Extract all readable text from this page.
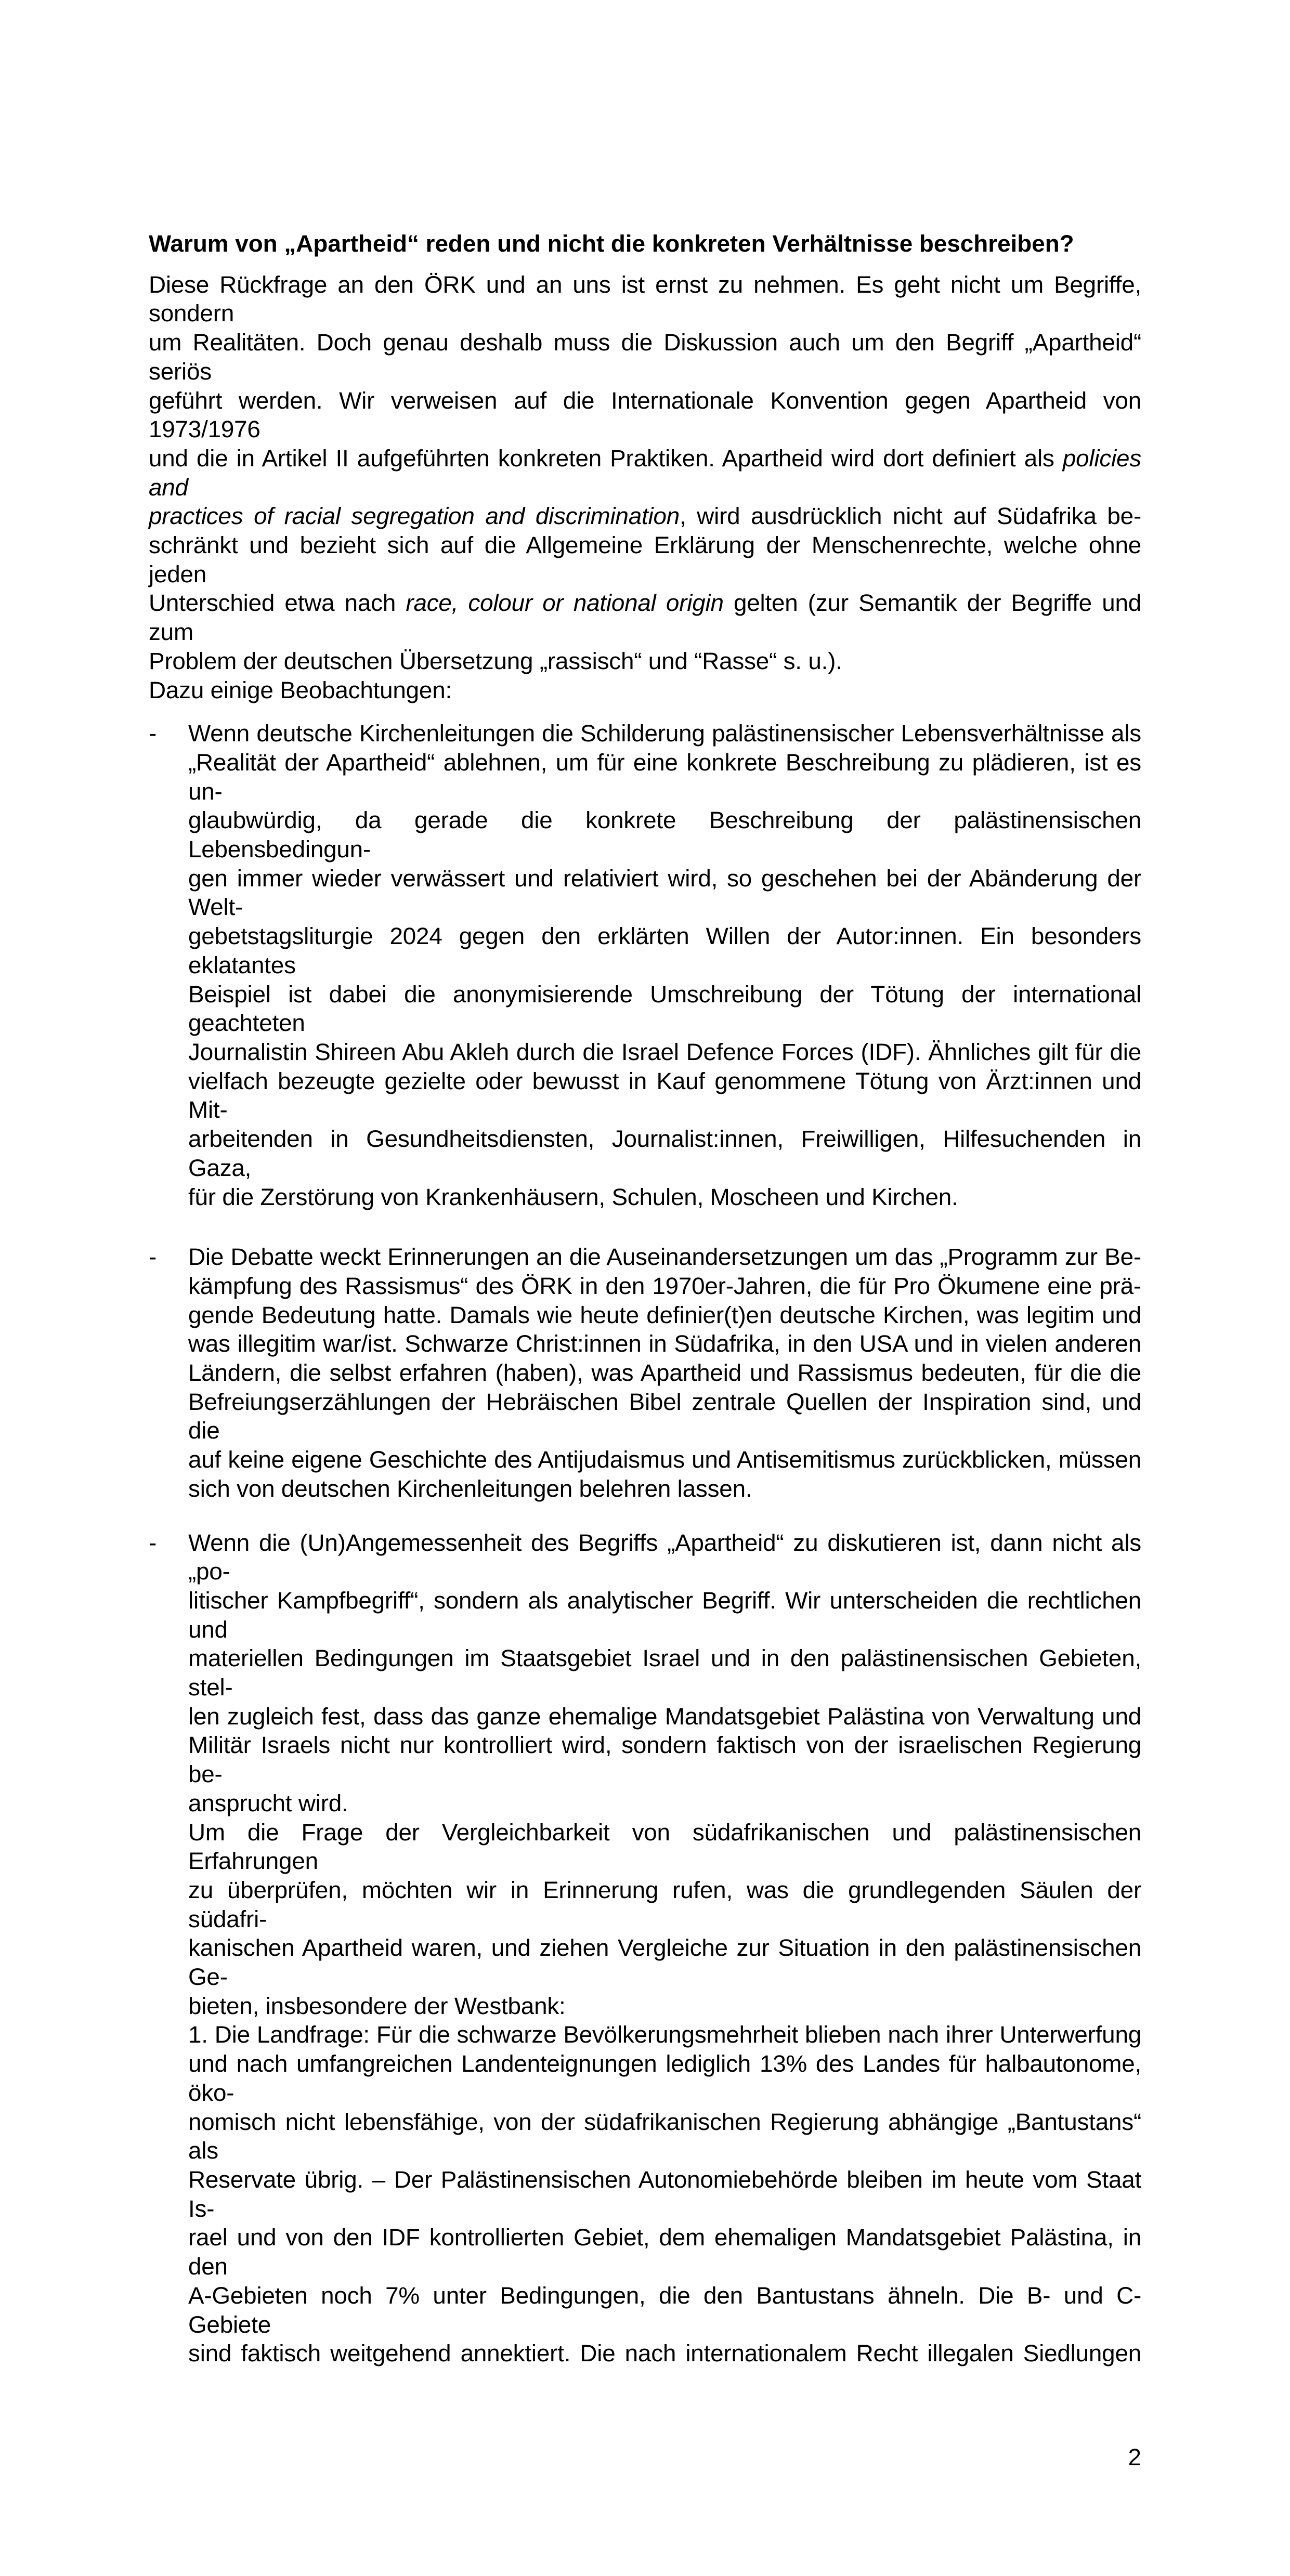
Warum von „Apartheid“ reden und nicht die konkreten Verhältnisse beschreiben?
Diese Rückfrage an den ÖRK und an uns ist ernst zu nehmen. Es geht nicht um Begriffe, sondern
um Realitäten. Doch genau deshalb muss die Diskussion auch um den Begriff „Apartheid“ seriös
geführt werden. Wir verweisen auf die Internationale Konvention gegen Apartheid von 1973/1976
und die in Artikel II aufgeführten konkreten Praktiken. Apartheid wird dort definiert als policies and
practices of racial segregation and discrimination, wird ausdrücklich nicht auf Südafrika be-
schränkt und bezieht sich auf die Allgemeine Erklärung der Menschenrechte, welche ohne jeden
Unterschied etwa nach race, colour or national origin gelten (zur Semantik der Begriffe und zum
Problem der deutschen Übersetzung „rassisch“ und “Rasse“ s. u.).
Dazu einige Beobachtungen:
- Wenn deutsche Kirchenleitungen die Schilderung palästinensischer Lebensverhältnisse als
„Realität der Apartheid“ ablehnen, um für eine konkrete Beschreibung zu plädieren, ist es un-
glaubwürdig, da gerade die konkrete Beschreibung der palästinensischen Lebensbedingun-
gen immer wieder verwässert und relativiert wird, so geschehen bei der Abänderung der Welt-
gebetstagsliturgie 2024 gegen den erklärten Willen der Autor:innen. Ein besonders eklatantes
Beispiel ist dabei die anonymisierende Umschreibung der Tötung der international geachteten
Journalistin Shireen Abu Akleh durch die Israel Defence Forces (IDF). Ähnliches gilt für die
vielfach bezeugte gezielte oder bewusst in Kauf genommene Tötung von Ärzt:innen und Mit-
arbeitenden in Gesundheitsdiensten, Journalist:innen, Freiwilligen, Hilfesuchenden in Gaza,
für die Zerstörung von Krankenhäusern, Schulen, Moscheen und Kirchen.
- Die Debatte weckt Erinnerungen an die Auseinandersetzungen um das „Programm zur Be-
kämpfung des Rassismus“ des ÖRK in den 1970er-Jahren, die für Pro Ökumene eine prä-
gende Bedeutung hatte. Damals wie heute definier(t)en deutsche Kirchen, was legitim und
was illegitim war/ist. Schwarze Christ:innen in Südafrika, in den USA und in vielen anderen
Ländern, die selbst erfahren (haben), was Apartheid und Rassismus bedeuten, für die die
Befreiungserzählungen der Hebräischen Bibel zentrale Quellen der Inspiration sind, und die
auf keine eigene Geschichte des Antijudaismus und Antisemitismus zurückblicken, müssen
sich von deutschen Kirchenleitungen belehren lassen.
- Wenn die (Un)Angemessenheit des Begriffs „Apartheid“ zu diskutieren ist, dann nicht als „po-
litischer Kampfbegriff“, sondern als analytischer Begriff. Wir unterscheiden die rechtlichen und
materiellen Bedingungen im Staatsgebiet Israel und in den palästinensischen Gebieten, stel-
len zugleich fest, dass das ganze ehemalige Mandatsgebiet Palästina von Verwaltung und
Militär Israels nicht nur kontrolliert wird, sondern faktisch von der israelischen Regierung be-
ansprucht wird.
Um die Frage der Vergleichbarkeit von südafrikanischen und palästinensischen Erfahrungen
zu überprüfen, möchten wir in Erinnerung rufen, was die grundlegenden Säulen der südafri-
kanischen Apartheid waren, und ziehen Vergleiche zur Situation in den palästinensischen Ge-
bieten, insbesondere der Westbank:
1. Die Landfrage: Für die schwarze Bevölkerungsmehrheit blieben nach ihrer Unterwerfung
und nach umfangreichen Landenteignungen lediglich 13% des Landes für halbautonome, öko-
nomisch nicht lebensfähige, von der südafrikanischen Regierung abhängige „Bantustans“ als
Reservate übrig. – Der Palästinensischen Autonomiebehörde bleiben im heute vom Staat Is-
rael und von den IDF kontrollierten Gebiet, dem ehemaligen Mandatsgebiet Palästina, in den
A-Gebieten noch 7% unter Bedingungen, die den Bantustans ähneln. Die B- und C-Gebiete
sind faktisch weitgehend annektiert. Die nach internationalem Recht illegalen Siedlungen
2
